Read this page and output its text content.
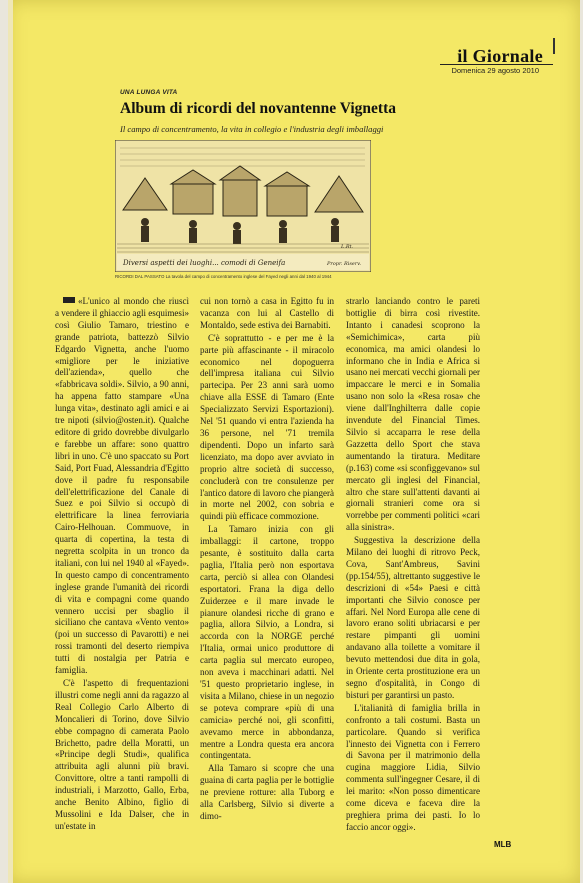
il Giornale
Domenica 29 agosto 2010
UNA LUNGA VITA
Album di ricordi del novantenne Vignetta
Il campo di concentramento, la vita in collegio e l'industria degli imballaggi
Diversi aspetti dei luoghi... comodi di Geneifa	Propr. Riserv.
L.Rt.
RICORDI DAL PASSATO La tavola del campo di concentramento inglese del Fayed negli anni dal 1940 al 1944

«L'unico al mondo che riuscì a vendere il ghiaccio agli esquimesi» così Giulio Tamaro, triestino e grande patriota, battezzò Silvio Edgardo Vignetta, anche l'uomo «migliore per le iniziative dell'azienda», quello che «fabbricava soldi». Silvio, a 90 anni, ha appena fatto stampare «Una lunga vita», destinato agli amici e ai tre nipoti (silvio@osten.it). Qualche editore di grido dovrebbe divulgarlo e farebbe un affare: sono quattro libri in uno. C'è uno spaccato su Port Said, Port Fuad, Alessandria d'Egitto dove il padre fu responsabile dell'elettrificazione del Canale di Suez e poi Silvio si occupò di elettrificare la linea ferroviaria Cairo-Helhouan. Commuove, in quarta di copertina, la testa di negretta scolpita in un tronco da italiani, con lui nel 1940 al «Fayed». In questo campo di concentramento inglese grande l'umanità dei ricordi di vita e compagni come quando vennero uccisi per sbaglio il siciliano che cantava «Vento vento» (poi un successo di Pavarotti) e nei rossi tramonti del deserto riempiva tutti di nostalgia per Patria e famiglia.

C'è l'aspetto di frequentazioni illustri come negli anni da ragazzo al Real Collegio Carlo Alberto di Moncalieri di Torino, dove Silvio ebbe compagno di camerata Paolo Brichetto, padre della Moratti, un «Principe degli Studi», qualifica attribuita agli alunni più bravi. Convittore, oltre a tanti rampolli di industriali, i Marzotto, Gallo, Erba, anche Benito Albino, figlio di Mussolini e Ida Dalser, che in un'estate in

cui non tornò a casa in Egitto fu in vacanza con lui al Castello di Montaldo, sede estiva dei Barnabiti.

C'è soprattutto - e per me è la parte più affascinante - il miracolo economico nel dopoguerra dell'impresa italiana cui Silvio partecipa. Per 23 anni sarà uomo chiave alla ESSE di Tamaro (Ente Specializzato Servizi Esportazioni). Nel '51 quando vi entra l'azienda ha 36 persone, nel '71 tremila dipendenti. Dopo un infarto sarà licenziato, ma dopo aver avviato in proprio altre società di successo, concluderà con tre consulenze per l'antico datore di lavoro che piangerà in morte nel 2002, con sobria e quindi più efficace commozione.

La Tamaro inizia con gli imballaggi: il cartone, troppo pesante, è sostituito dalla carta paglia, l'Italia però non esportava carta, perciò si allea con Olandesi esportatori. Frana la diga dello Zuiderzee e il mare invade le pianure olandesi ricche di grano e paglia, allora Silvio, a Londra, si accorda con la NORGE perché l'Italia, ormai unico produttore di carta paglia sul mercato europeo, non aveva i macchinari adatti. Nel '51 questo proprietario inglese, in visita a Milano, chiese in un negozio se poteva comprare «più di una camicia» perché noi, gli sconfitti, avevamo merce in abbondanza, mentre a Londra questa era ancora contingentata.

Alla Tamaro si scopre che una guaina di carta paglia per le bottiglie ne previene rotture: alla Tuborg e alla Carlsberg, Silvio si diverte a dimo-

strarlo lanciando contro le pareti bottiglie di birra così rivestite. Intanto i canadesi scoprono la «Semichimica», carta più economica, ma amici olandesi lo informano che in India e Africa si usano nei mercati vecchi giornali per impaccare le merci e in Somalia usano non solo la «Resa rosa» che viene dall'Inghilterra dalle copie invendute del Financial Times. Silvio si accaparra le rese della Gazzetta dello Sport che stava aumentando la tiratura. Meditare (p.163) come «si sconfiggevano» sul mercato gli inglesi del Financial, altro che stare sull'attenti davanti ai giornali stranieri come ora si vorrebbe per commenti politici «cari alla sinistra».

Suggestiva la descrizione della Milano dei luoghi di ritrovo Peck, Cova, Sant'Ambreus, Savini (pp.154/55), altrettanto suggestive le descrizioni di «54» Paesi e città importanti che Silvio conosce per affari. Nel Nord Europa alle cene di lavoro erano soliti ubriacarsi e per restare pimpanti gli uomini andavano alla toilette a vomitare il bevuto mettendosi due dita in gola, in Oriente certa prostituzione era un segno d'ospitalità, in Congo di bisturi per garantirsi un pasto.

L'italianità di famiglia brilla in confronto a tali costumi. Basta un particolare. Quando si verifica l'innesto dei Vignetta con i Ferrero di Savona per il matrimonio della cugina maggiore Lidia, Silvio commenta sull'ingegner Cesare, il di lei marito: «Non posso dimenticare come diceva e faceva dire la preghiera prima dei pasti. Io lo faccio ancor oggi».

MLB
